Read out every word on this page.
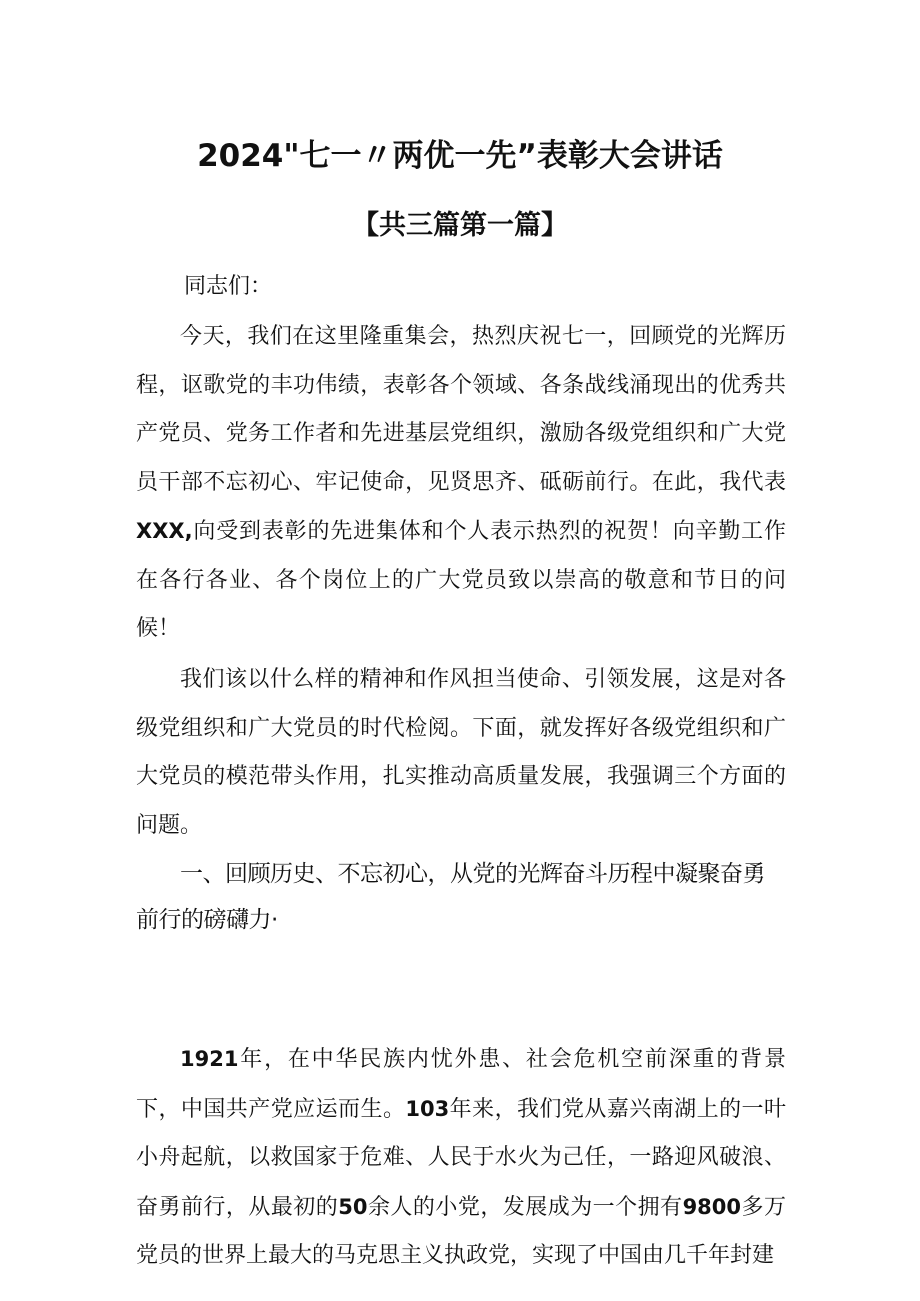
2024"七一〃两优一先”表彰大会讲话
【共三篇第一篇】
同志们：
今天，我们在这里隆重集会，热烈庆祝七一，回顾党的光辉历程，讴歌党的丰功伟绩，表彰各个领域、各条战线涌现出的优秀共产党员、党务工作者和先进基层党组织，激励各级党组织和广大党员干部不忘初心、牢记使命，见贤思齐、砥砺前行。在此，我代表XXX,向受到表彰的先进集体和个人表示热烈的祝贺！向辛勤工作在各行各业、各个岗位上的广大党员致以崇高的敬意和节日的问候！
我们该以什么样的精神和作风担当使命、引领发展，这是对各级党组织和广大党员的时代检阅。下面，就发挥好各级党组织和广大党员的模范带头作用，扎实推动高质量发展，我强调三个方面的问题。
一、回顾历史、不忘初心，从党的光辉奋斗历程中凝聚奋勇前行的磅礴力·
1921年，在中华民族内忧外患、社会危机空前深重的背景下，中国共产党应运而生。103年来，我们党从嘉兴南湖上的一叶小舟起航，以救国家于危难、人民于水火为己任，一路迎风破浪、奋勇前行，从最初的50余人的小党，发展成为一个拥有9800多万党员的世界上最大的马克思主义执政党，实现了中国由几千年封建
